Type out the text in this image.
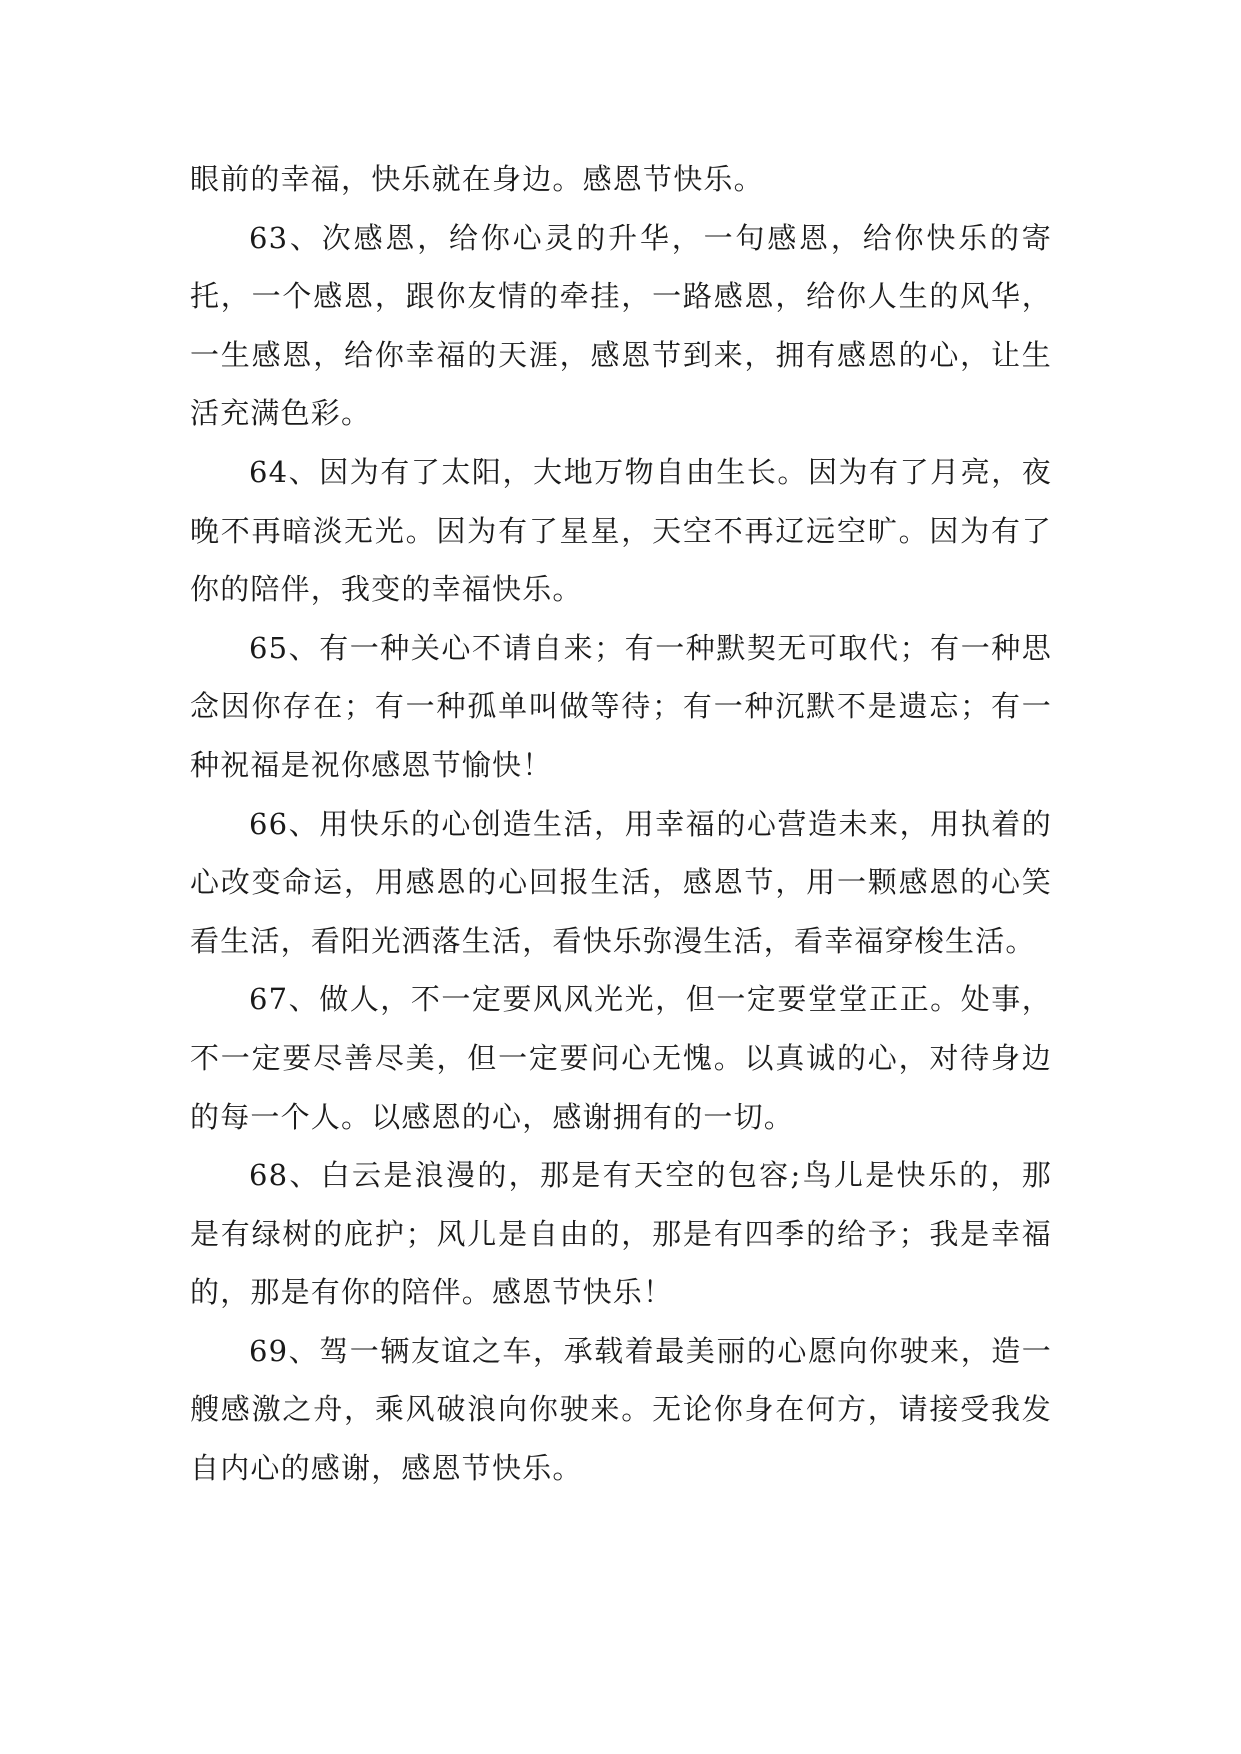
眼前的幸福，快乐就在身边。感恩节快乐。

63、次感恩，给你心灵的升华，一句感恩，给你快乐的寄托，一个感恩，跟你友情的牵挂，一路感恩，给你人生的风华，一生感恩，给你幸福的天涯，感恩节到来，拥有感恩的心，让生活充满色彩。

64、因为有了太阳，大地万物自由生长。因为有了月亮，夜晚不再暗淡无光。因为有了星星，天空不再辽远空旷。因为有了你的陪伴，我变的幸福快乐。

65、有一种关心不请自来；有一种默契无可取代；有一种思念因你存在；有一种孤单叫做等待；有一种沉默不是遗忘；有一种祝福是祝你感恩节愉快！

66、用快乐的心创造生活，用幸福的心营造未来，用执着的心改变命运，用感恩的心回报生活，感恩节，用一颗感恩的心笑看生活，看阳光洒落生活，看快乐弥漫生活，看幸福穿梭生活。

67、做人，不一定要风风光光，但一定要堂堂正正。处事，不一定要尽善尽美，但一定要问心无愧。以真诚的心，对待身边的每一个人。以感恩的心，感谢拥有的一切。

68、白云是浪漫的，那是有天空的包容;鸟儿是快乐的，那是有绿树的庇护；风儿是自由的，那是有四季的给予；我是幸福的，那是有你的陪伴。感恩节快乐！

69、驾一辆友谊之车，承载着最美丽的心愿向你驶来，造一艘感激之舟，乘风破浪向你驶来。无论你身在何方，请接受我发自内心的感谢，感恩节快乐。
